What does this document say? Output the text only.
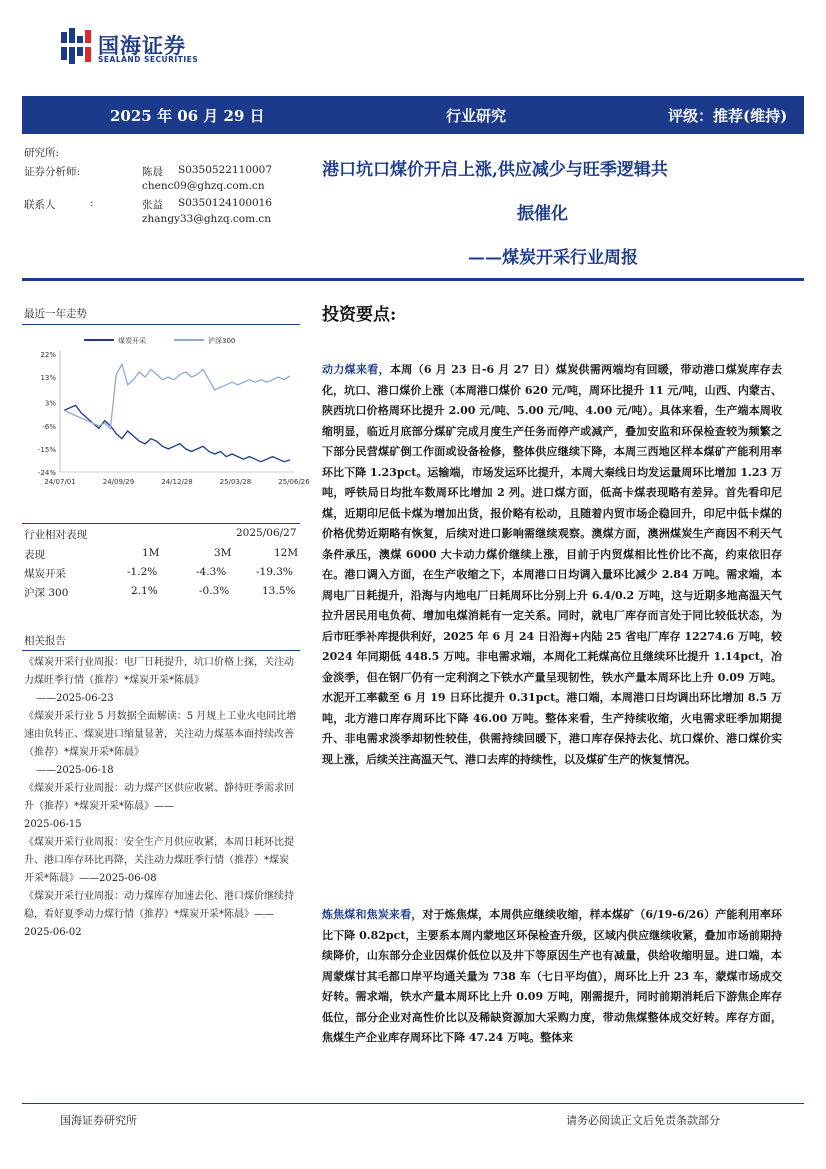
国海证券
SEALAND SECURITIES
2025 年 06 月 29 日	行业研究	评级：推荐(维持)
研究所:
证券分析师:	陈晨 S0350522110007
chenc09@ghzq.com.cn
联系人	:	张益 S0350124100016
zhangy33@ghzq.com.cn
港口坑口煤价开启上涨,供应减少与旺季逻辑共
振催化
——煤炭开采行业周报
最近一年走势
煤炭开采	沪深300
22%
13%
3%
-6%
-15%
-24%
24/07/01	24/09/29	24/12/28	25/03/28	25/06/26
行业相对表现	2025/06/27
表现	1M	3M	12M
煤炭开采	-1.2%	-4.3%	-19.3%
沪深 300	2.1%	-0.3%	13.5%
相关报告

《煤炭开采行业周报：电厂日耗提升，坑口价格上探，关注动力煤旺季行情（推荐）*煤炭开采*陈晨》

——2025-06-23

《煤炭开采行业 5 月数据全面解读：5 月规上工业火电同比增速由负转正、煤炭进口缩量显著，关注动力煤基本面持续改善（推荐）*煤炭开采*陈晨》

——2025-06-18

《煤炭开采行业周报：动力煤产区供应收紧、静待旺季需求回升（推荐）*煤炭开采*陈晨》——

2025-06-15

《煤炭开采行业周报：安全生产月供应收紧，本周日耗环比提升、港口库存环比再降，关注动力煤旺季行情（推荐）*煤炭开采*陈晨》——2025-06-08

《煤炭开采行业周报：动力煤库存加速去化、港口煤价继续持稳，看好夏季动力煤行情（推荐）*煤炭开采*陈晨》——2025-06-02

投资要点:
动力煤来看，本周（6 月 23 日-6 月 27 日）煤炭供需两端均有回暖，带动港口煤炭库存去化，坑口、港口煤价上涨（本周港口煤价 620 元/吨，周环比提升 11 元/吨，山西、内蒙古、陕西坑口价格周环比提升 2.00 元/吨、5.00 元/吨、4.00 元/吨）。具体来看，生产端本周收缩明显，临近月底部分煤矿完成月度生产任务而停产或减产，叠加安监和环保检查较为频繁之下部分民营煤矿倒工作面或设备检修，整体供应继续下降，本周三西地区样本煤矿产能利用率环比下降 1.23pct。运输端，市场发运环比提升，本周大秦线日均发运量周环比增加 1.23 万吨，呼铁局日均批车数周环比增加 2 列。进口煤方面，低高卡煤表现略有差异。首先看印尼煤，近期印尼低卡煤为增加出货，报价略有松动，且随着内贸市场企稳回升，印尼中低卡煤的价格优势近期略有恢复，后续对进口影响需继续观察。澳煤方面，澳洲煤炭生产商因不利天气条件承压，澳煤 6000 大卡动力煤价继续上涨，目前于内贸煤相比性价比不高，约束依旧存在。港口调入方面，在生产收缩之下，本周港口日均调入量环比减少 2.84 万吨。需求端，本周电厂日耗提升，沿海与内地电厂日耗周环比分别上升 6.4/0.2 万吨，这与近期多地高温天气拉升居民用电负荷、增加电煤消耗有一定关系。同时，就电厂库存而言处于同比较低状态，为后市旺季补库提供利好，2025 年 6 月 24 日沿海+内陆 25 省电厂库存 12274.6 万吨，较 2024 年同期低 448.5 万吨。非电需求端，本周化工耗煤高位且继续环比提升 1.14pct，冶金淡季，但在钢厂仍有一定利润之下铁水产量呈现韧性，铁水产量本周环比上升 0.09 万吨。水泥开工率截至 6 月 19 日环比提升 0.31pct。港口端，本周港口日均调出环比增加 8.5 万吨，北方港口库存周环比下降 46.00 万吨。整体来看，生产持续收缩，火电需求旺季加期提升、非电需求淡季却韧性较佳，供需持续回暖下，港口库存保持去化、坑口煤价、港口煤价实现上涨，后续关注高温天气、港口去库的持续性，以及煤矿生产的恢复情况。
炼焦煤和焦炭来看，对于炼焦煤，本周供应继续收缩，样本煤矿（6/19-6/26）产能利用率环比下降 0.82pct，主要系本周内蒙地区环保检查升级，区域内供应继续收紧，叠加市场前期持续降价，山东部分企业因煤价低位以及井下等原因生产也有减量，供给收缩明显。进口端，本周蒙煤甘其毛都口岸平均通关量为 738 车（七日平均值），周环比上升 23 车，蒙煤市场成交好转。需求端，铁水产量本周环比上升 0.09 万吨，刚需提升，同时前期消耗后下游焦企库存低位，部分企业对高性价比以及稀缺资源加大采购力度，带动焦煤整体成交好转。库存方面，焦煤生产企业库存周环比下降 47.24 万吨。整体来
国海证券研究所	请务必阅读正文后免责条款部分
